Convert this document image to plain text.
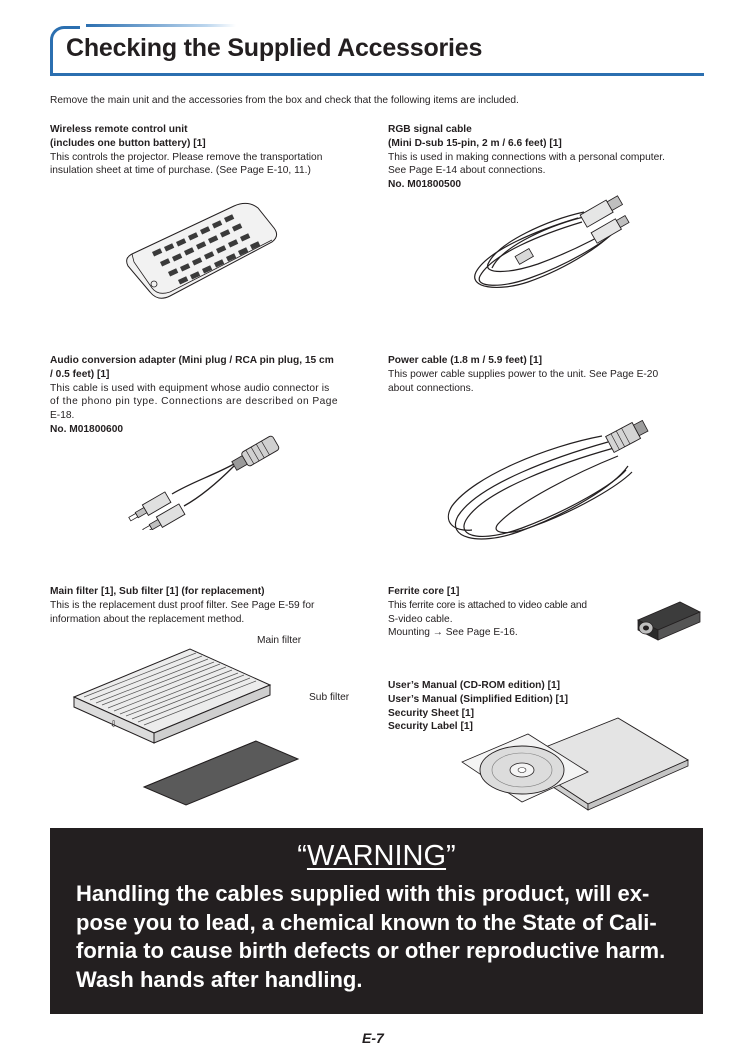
Checking the Supplied Accessories

Remove the main unit and the accessories from the box and check that the following items are included.

Wireless remote control unit
(includes one button battery) [1]
This controls the projector. Please remove the transportation
insulation sheet at time of purchase. (See Page E-10, 11.)
RGB signal cable
(Mini D-sub 15-pin, 2 m / 6.6 feet) [1]
This is used in making connections with a personal computer.
See Page E-14 about connections.
No. M01800500
Audio conversion adapter (Mini plug / RCA pin plug, 15 cm
/ 0.5 feet) [1]
This cable is used with equipment whose audio connector is
of the phono pin type. Connections are described on Page
E-18.
No. M01800600
Power cable (1.8 m / 5.9 feet) [1]
This power cable supplies power to the unit. See Page E-20
about connections.
Main filter [1], Sub filter [1] (for replacement)
This is the replacement dust proof filter. See Page E-59 for
information about the replacement method.
Main filter
Sub filter
⇩
Ferrite core [1]
This ferrite core is attached to video cable and
S-video cable.
Mounting → See Page E-16.
User’s Manual (CD-ROM edition) [1]
User’s Manual (Simplified Edition) [1]
Security Sheet [1]
Security Label [1]
“WARNING”
Handling the cables supplied with this product, will ex-
pose you to lead, a chemical known to the State of Cali-
fornia to cause birth defects or other reproductive harm.
Wash hands after handling.
E-7
